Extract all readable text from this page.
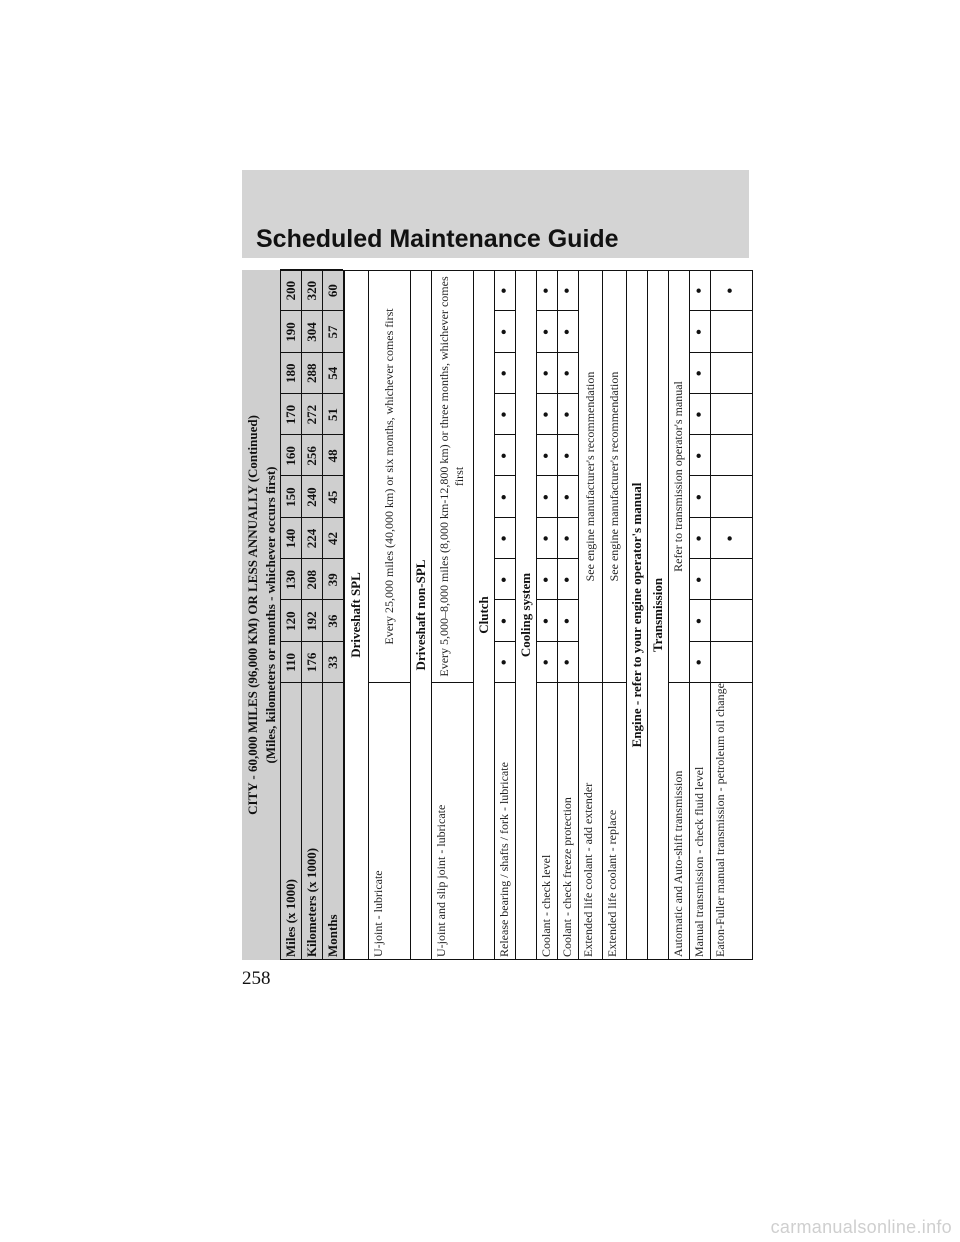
Scheduled Maintenance Guide
CITY - 60,000 MILES (96,000 KM) OR LESS ANNUALLY (Continued) (Miles, kilometers or months - whichever occurs first)
Miles (x 1000)
110
120
130
140
150
160
170
180
190
200
Kilometers (x 1000)
176
192
208
224
240
256
272
288
304
320
Months
33
36
39
42
45
48
51
54
57
60
Driveshaft SPL
U-joint - lubricate
Every 25,000 miles (40,000 km) or six months, whichever comes first	Driveshaft non-SPL
U-joint and slip joint - lubricate
Every 5,000–8,000 miles (8,000 km-12,800 km) or three months, whichever comes first
Clutch
Release bearing / shafts / fork - lubricate
•
•
•
•
•
•
•
•
•
•
Cooling system
Coolant - check level
•
•
•
•
•
•
•
•
•
•
Coolant - check freeze protection
•
•
•
•
•
•
•
•
•
•
Extended life coolant - add extender
See engine manufacturer's recommendation
Extended life coolant - replace
See engine manufacturer's recommendation
Engine - refer to your engine operator's manual Transmission
Automatic and Auto-shift transmission
Refer to transmission operator's manual
Manual transmission - check fluid level
•
•
•
•
•
•
•
•
•
•
Eaton-Fuller manual transmission - petroleum oil change
•
•
258
carmanualsonline.info
